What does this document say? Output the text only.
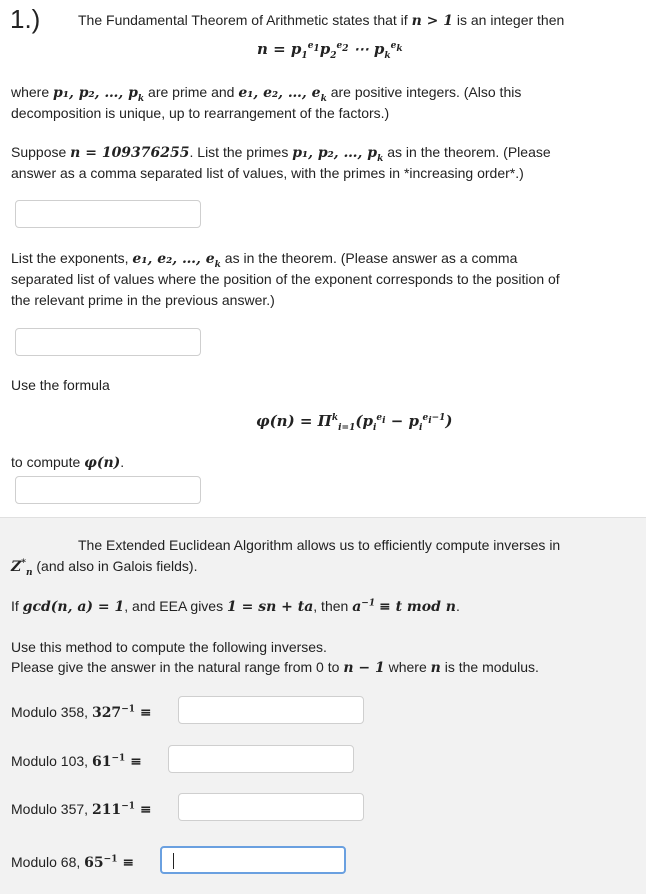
1.)	The Fundamental Theorem of Arithmetic states that if n > 1 is an integer then
$n = p_1^{e_1}p_2^{e_2}$ ⋯ $p_k^{e_k}$
where p₁, p₂, …, $p_k$ are prime and e₁, e₂, …, $e_k$ are positive integers. (Also this
decomposition is unique, up to rearrangement of the factors.)
Suppose n = 109376255. List the primes p₁, p₂, …, $p_k$ as in the theorem. (Please
answer as a comma separated list of values, with the primes in *increasing order*.)
List the exponents, e₁, e₂, …, $e_k$ as in the theorem. (Please answer as a comma
separated list of values where the position of the exponent corresponds to the position of
the relevant prime in the previous answer.)
Use the formula
$\varphi(n) = \Pi^k_{i=1}(p_i^{e_i} - p_i^{e_i-1})$
to compute φ(n).
The Extended Euclidean Algorithm allows us to efficiently compute inverses in
$Z^*_n$ (and also in Galois fields).
If gcd(n, a) = 1, and EEA gives 1 = sn + ta, then $a^{-1} \equiv t$ mod n.
Use this method to compute the following inverses.
Please give the answer in the natural range from 0 to n − 1 where n is the modulus.
Modulo 358, $327^{-1}$ ≡
Modulo 103, $61^{-1}$ ≡
Modulo 357, $211^{-1}$ ≡
Modulo 68, $65^{-1}$ ≡
